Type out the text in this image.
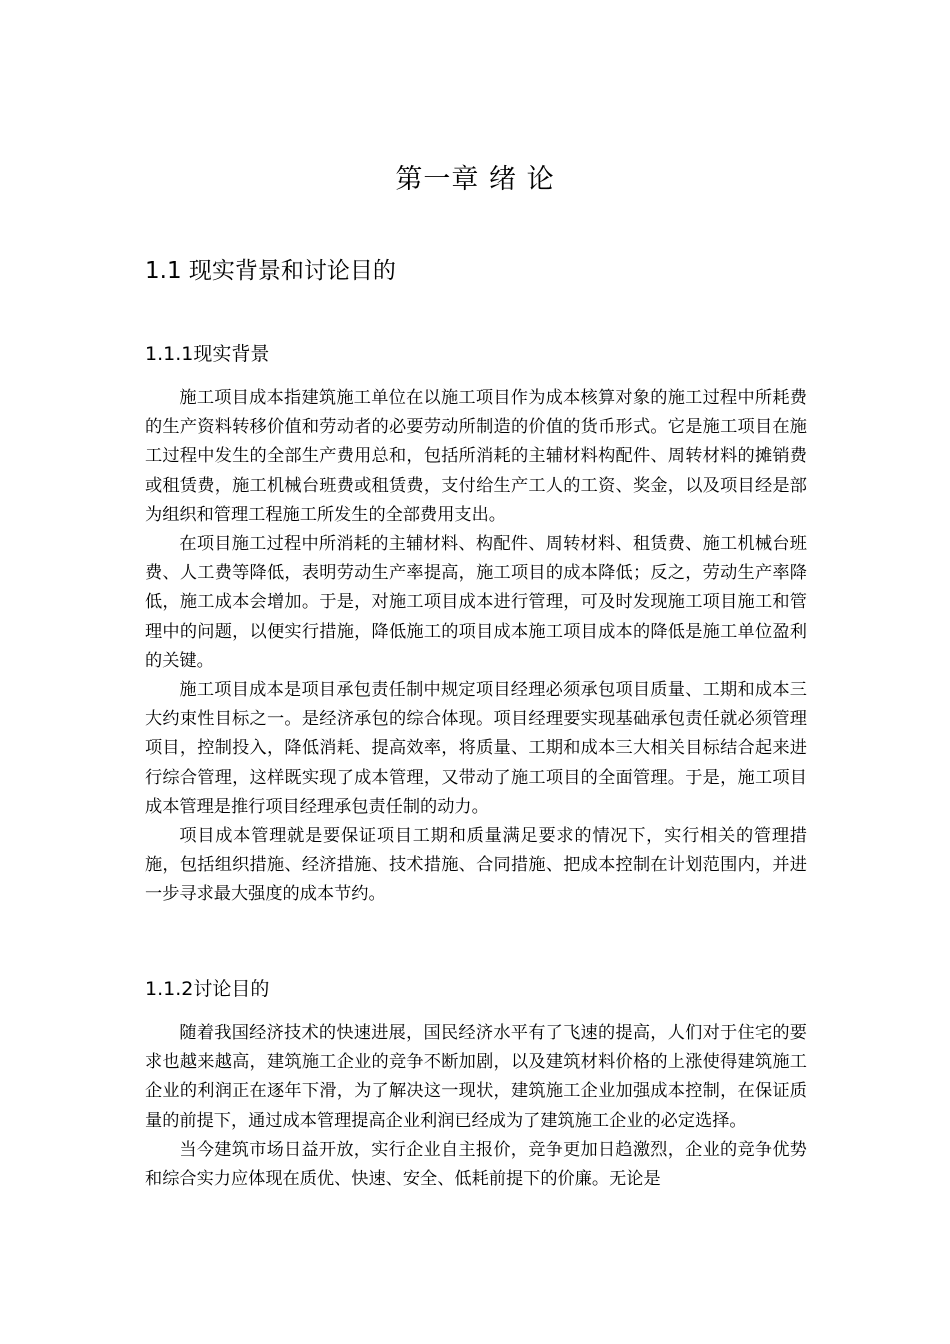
第一章 绪 论
1.1 现实背景和讨论目的
1.1.1现实背景

施工项目成本指建筑施工单位在以施工项目作为成本核算对象的施工过程中所耗费的生产资料转移价值和劳动者的必要劳动所制造的价值的货币形式。它是施工项目在施工过程中发生的全部生产费用总和，包括所消耗的主辅材料构配件、周转材料的摊销费或租赁费，施工机械台班费或租赁费，支付给生产工人的工资、奖金，以及项目经是部为组织和管理工程施工所发生的全部费用支出。

在项目施工过程中所消耗的主辅材料、构配件、周转材料、租赁费、施工机械台班费、人工费等降低，表明劳动生产率提高，施工项目的成本降低；反之，劳动生产率降低，施工成本会增加。于是，对施工项目成本进行管理，可及时发现施工项目施工和管理中的问题，以便实行措施，降低施工的项目成本施工项目成本的降低是施工单位盈利的关键。

施工项目成本是项目承包责任制中规定项目经理必须承包项目质量、工期和成本三大约束性目标之一。是经济承包的综合体现。项目经理要实现基础承包责任就必须管理项目，控制投入，降低消耗、提高效率，将质量、工期和成本三大相关目标结合起来进行综合管理，这样既实现了成本管理，又带动了施工项目的全面管理。于是，施工项目成本管理是推行项目经理承包责任制的动力。

项目成本管理就是要保证项目工期和质量满足要求的情况下，实行相关的管理措施，包括组织措施、经济措施、技术措施、合同措施、把成本控制在计划范围内，并进一步寻求最大强度的成本节约。

1.1.2讨论目的

随着我国经济技术的快速进展，国民经济水平有了飞速的提高，人们对于住宅的要求也越来越高，建筑施工企业的竞争不断加剧，以及建筑材料价格的上涨使得建筑施工企业的利润正在逐年下滑，为了解决这一现状，建筑施工企业加强成本控制，在保证质量的前提下，通过成本管理提高企业利润已经成为了建筑施工企业的必定选择。

当今建筑市场日益开放，实行企业自主报价，竞争更加日趋激烈，企业的竞争优势和综合实力应体现在质优、快速、安全、低耗前提下的价廉。无论是
